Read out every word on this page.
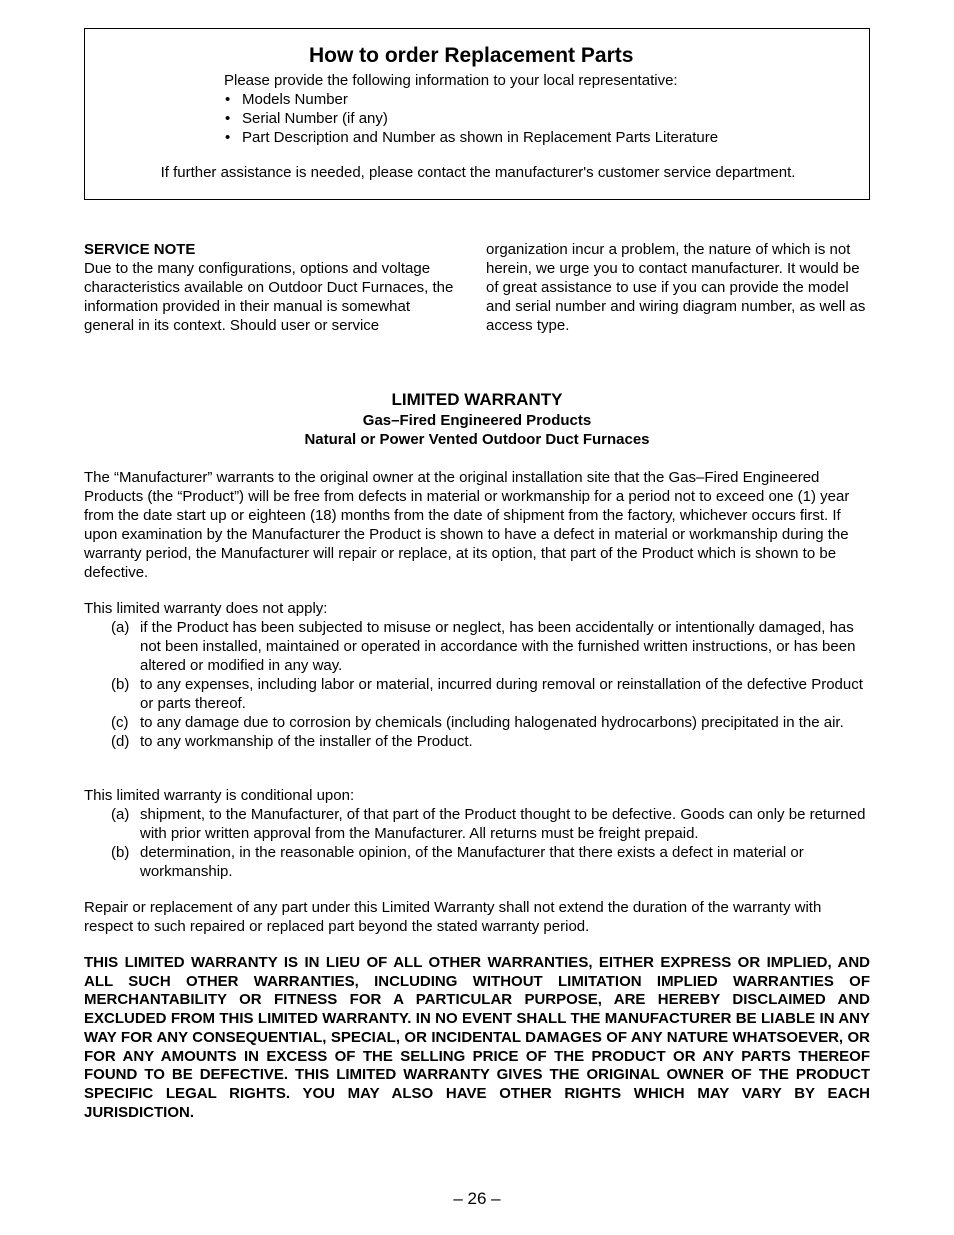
How to order Replacement Parts

Please provide the following information to your local representative:

• Models Number
• Serial Number (if any)
• Part Description and Number as shown in Replacement Parts Literature

If further assistance is needed, please contact the manufacturer's customer service department.

SERVICE NOTE

Due to the many configurations, options and voltage characteristics available on Outdoor Duct Furnaces, the information provided in their manual is somewhat general in its context. Should user or service

organization incur a problem, the nature of which is not herein, we urge you to contact manufacturer. It would be of great assistance to use if you can provide the model and serial number and wiring diagram number, as well as access type.

LIMITED WARRANTY

Gas–Fired Engineered Products

Natural or Power Vented Outdoor Duct Furnaces

The “Manufacturer” warrants to the original owner at the original installation site that the Gas–Fired Engineered Products (the “Product”) will be free from defects in material or workmanship for a period not to exceed one (1) year from the date start up or eighteen (18) months from the date of shipment from the factory, whichever occurs first. If upon examination by the Manufacturer the Product is shown to have a defect in material or workmanship during the warranty period, the Manufacturer will repair or replace, at its option, that part of the Product which is shown to be defective.

This limited warranty does not apply:

(a) if the Product has been subjected to misuse or neglect, has been accidentally or intentionally damaged, has not been installed, maintained or operated in accordance with the furnished written instructions, or has been altered or modified in any way.
(b) to any expenses, including labor or material, incurred during removal or reinstallation of the defective Product or parts thereof.
(c) to any damage due to corrosion by chemicals (including halogenated hydrocarbons) precipitated in the air.
(d) to any workmanship of the installer of the Product.

This limited warranty is conditional upon:

(a) shipment, to the Manufacturer, of that part of the Product thought to be defective. Goods can only be returned with prior written approval from the Manufacturer. All returns must be freight prepaid.
(b) determination, in the reasonable opinion, of the Manufacturer that there exists a defect in material or workmanship.

Repair or replacement of any part under this Limited Warranty shall not extend the duration of the warranty with respect to such repaired or replaced part beyond the stated warranty period.

THIS LIMITED WARRANTY IS IN LIEU OF ALL OTHER WARRANTIES, EITHER EXPRESS OR IMPLIED, AND ALL SUCH OTHER WARRANTIES, INCLUDING WITHOUT LIMITATION IMPLIED WARRANTIES OF MERCHANTABILITY OR FITNESS FOR A PARTICULAR PURPOSE, ARE HEREBY DISCLAIMED AND EXCLUDED FROM THIS LIMITED WARRANTY. IN NO EVENT SHALL THE MANUFACTURER BE LIABLE IN ANY WAY FOR ANY CONSEQUENTIAL, SPECIAL, OR INCIDENTAL DAMAGES OF ANY NATURE WHATSOEVER, OR FOR ANY AMOUNTS IN EXCESS OF THE SELLING PRICE OF THE PRODUCT OR ANY PARTS THEREOF FOUND TO BE DEFECTIVE. THIS LIMITED WARRANTY GIVES THE ORIGINAL OWNER OF THE PRODUCT SPECIFIC LEGAL RIGHTS. YOU MAY ALSO HAVE OTHER RIGHTS WHICH MAY VARY BY EACH JURISDICTION.

– 26 –
